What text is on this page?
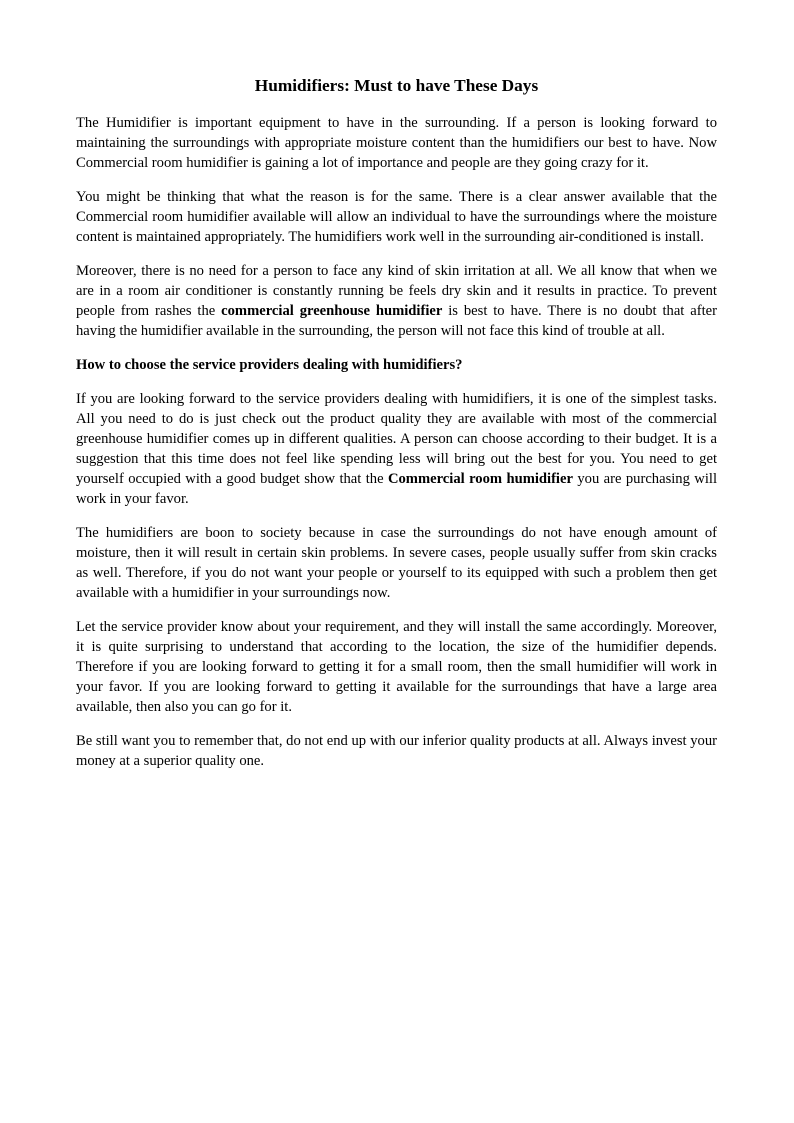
Humidifiers: Must to have These Days

The Humidifier is important equipment to have in the surrounding. If a person is looking forward to maintaining the surroundings with appropriate moisture content than the humidifiers our best to have. Now Commercial room humidifier is gaining a lot of importance and people are they going crazy for it.

You might be thinking that what the reason is for the same. There is a clear answer available that the Commercial room humidifier available will allow an individual to have the surroundings where the moisture content is maintained appropriately. The humidifiers work well in the surrounding air-conditioned is install.

Moreover, there is no need for a person to face any kind of skin irritation at all. We all know that when we are in a room air conditioner is constantly running be feels dry skin and it results in practice. To prevent people from rashes the commercial greenhouse humidifier is best to have. There is no doubt that after having the humidifier available in the surrounding, the person will not face this kind of trouble at all.

How to choose the service providers dealing with humidifiers?

If you are looking forward to the service providers dealing with humidifiers, it is one of the simplest tasks. All you need to do is just check out the product quality they are available with most of the commercial greenhouse humidifier comes up in different qualities. A person can choose according to their budget. It is a suggestion that this time does not feel like spending less will bring out the best for you. You need to get yourself occupied with a good budget show that the Commercial room humidifier you are purchasing will work in your favor.

The humidifiers are boon to society because in case the surroundings do not have enough amount of moisture, then it will result in certain skin problems. In severe cases, people usually suffer from skin cracks as well. Therefore, if you do not want your people or yourself to its equipped with such a problem then get available with a humidifier in your surroundings now.

Let the service provider know about your requirement, and they will install the same accordingly. Moreover, it is quite surprising to understand that according to the location, the size of the humidifier depends. Therefore if you are looking forward to getting it for a small room, then the small humidifier will work in your favor. If you are looking forward to getting it available for the surroundings that have a large area available, then also you can go for it.

Be still want you to remember that, do not end up with our inferior quality products at all. Always invest your money at a superior quality one.
